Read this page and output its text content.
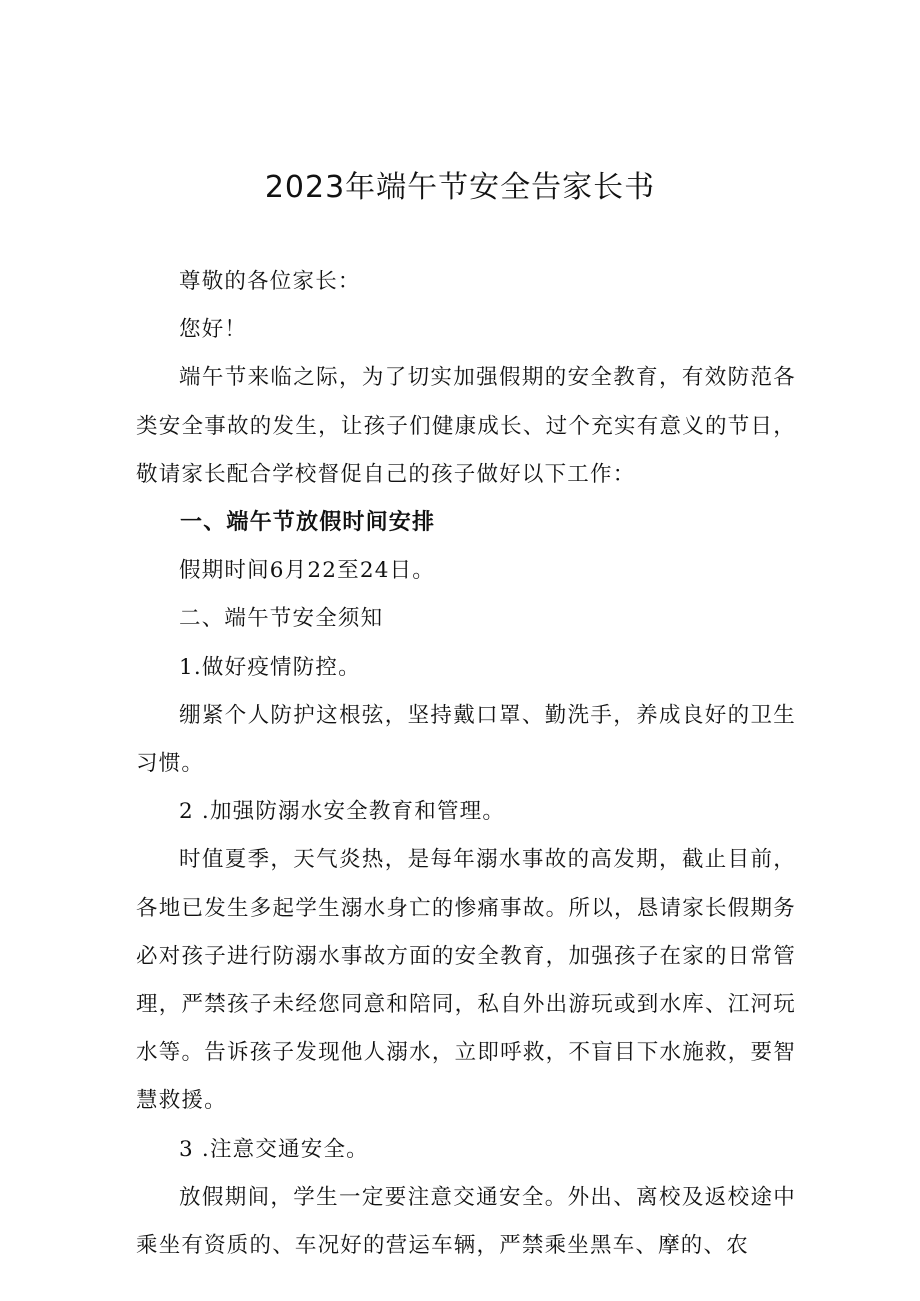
2023年端午节安全告家长书

尊敬的各位家长：

您好！

端午节来临之际，为了切实加强假期的安全教育，有效防范各类安全事故的发生，让孩子们健康成长、过个充实有意义的节日，敬请家长配合学校督促自己的孩子做好以下工作：

一、端午节放假时间安排

假期时间6月22至24日。

二、端午节安全须知

1.做好疫情防控。

绷紧个人防护这根弦，坚持戴口罩、勤洗手，养成良好的卫生习惯。

2 .加强防溺水安全教育和管理。

时值夏季，天气炎热，是每年溺水事故的高发期，截止目前，各地已发生多起学生溺水身亡的惨痛事故。所以，恳请家长假期务必对孩子进行防溺水事故方面的安全教育，加强孩子在家的日常管理，严禁孩子未经您同意和陪同，私自外出游玩或到水库、江河玩水等。告诉孩子发现他人溺水，立即呼救，不盲目下水施救，要智慧救援。

3 .注意交通安全。

放假期间，学生一定要注意交通安全。外出、离校及返校途中乘坐有资质的、车况好的营运车辆，严禁乘坐黑车、摩的、农
